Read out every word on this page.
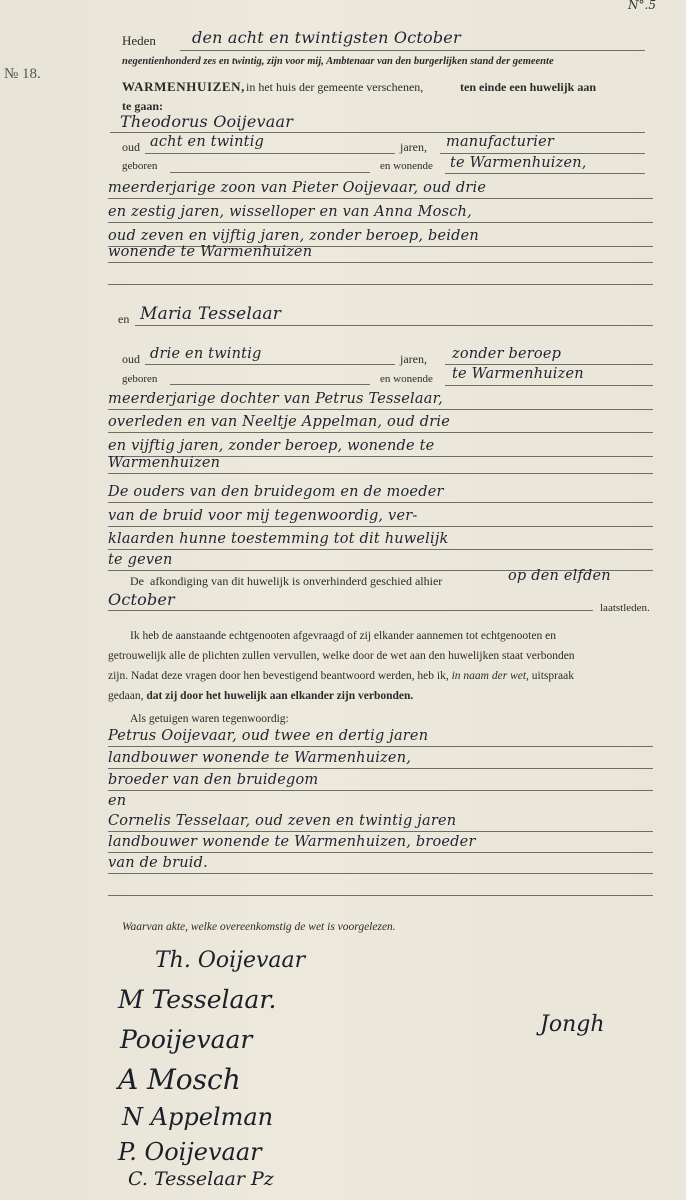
N°.5
№ 18.
Heden den acht en twintigsten October
negentienhonderd zes en twintig, zijn voor mij, Ambtenaar van den burgerlijken stand der gemeente
WARMENHUIZEN, in het huis der gemeente verschenen,	ten einde een huwelijk aan
te gaan:
Theodorus Ooijevaar
oud acht en twintig	jaren, manufacturier
geboren	en wonende te Warmenhuizen,
meerderjarige zoon van Pieter Ooijevaar, oud drie
en zestig jaren, wisselloper en van Anna Mosch,
oud zeven en vijftig jaren, zonder beroep, beiden
wonende te Warmenhuizen
en Maria Tesselaar
oud drie en twintig	jaren, zonder beroep
geboren	en wonende te Warmenhuizen
meerderjarige dochter van Petrus Tesselaar,
overleden en van Neeltje Appelman, oud drie
en vijftig jaren, zonder beroep, wonende te
Warmenhuizen
De ouders van den bruidegom en de moeder
van de bruid voor mij tegenwoordig, ver-
klaarden hunne toestemming tot dit huwelijk
te geven
De afkondiging van dit huwelijk is onverhinderd geschied alhier	op den elfden
October	laatstleden.
Ik heb de aanstaande echtgenooten afgevraagd of zij elkander aannemen tot echtgenooten en
getrouwelijk alle de plichten zullen vervullen, welke door de wet aan den huwelijken staat verbonden
zijn. Nadat deze vragen door hen bevestigend beantwoord werden, heb ik, in naam der wet, uitspraak
gedaan, dat zij door het huwelijk aan elkander zijn verbonden.
Als getuigen waren tegenwoordig:
Petrus Ooijevaar, oud twee en dertig jaren
landbouwer wonende te Warmenhuizen,
broeder van den bruidegom
en
Cornelis Tesselaar, oud zeven en twintig jaren
landbouwer wonende te Warmenhuizen, broeder
van de bruid.
Waarvan akte, welke overeenkomstig de wet is voorgelezen.
Th. Ooijevaar
M Tesselaar.
Pooijevaar
A Mosch
N Appelman
P. Ooijevaar
C. Tesselaar Pz
Jongh
